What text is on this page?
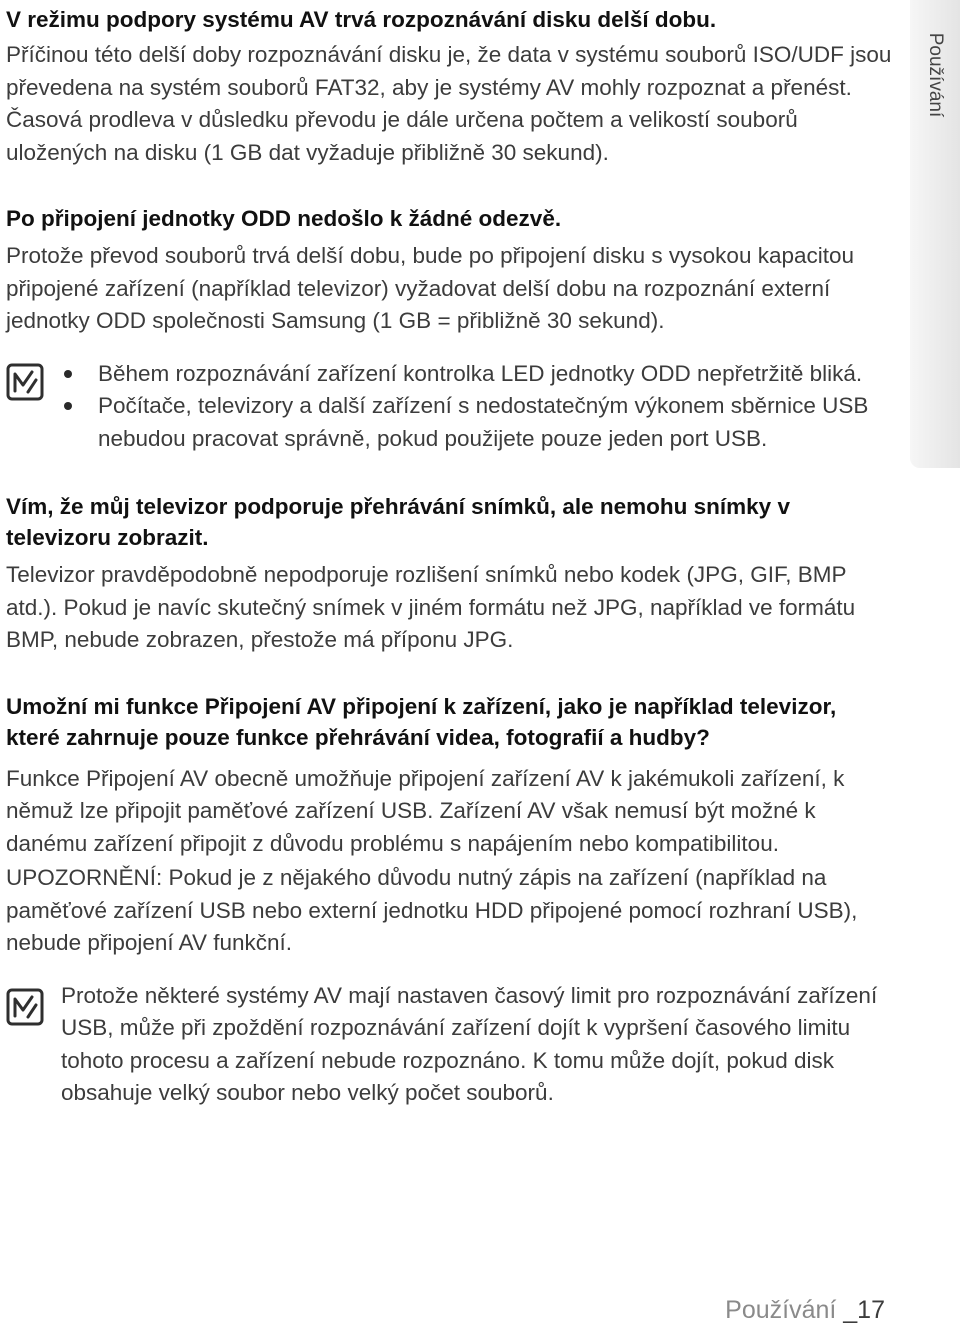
Používání

V režimu podpory systému AV trvá rozpoznávání disku delší dobu.

Příčinou této delší doby rozpoznávání disku je, že data v systému souborů ISO/UDF jsou převedena na systém souborů FAT32, aby je systémy AV mohly rozpoznat a přenést.

Časová prodleva v důsledku převodu je dále určena počtem a velikostí souborů uložených na disku (1 GB dat vyžaduje přibližně 30 sekund).

Po připojení jednotky ODD nedošlo k žádné odezvě.

Protože převod souborů trvá delší dobu, bude po připojení disku s vysokou kapacitou připojené zařízení (například televizor) vyžadovat delší dobu na rozpoznání externí jednotky ODD společnosti Samsung (1 GB = přibližně 30 sekund).

Během rozpoznávání zařízení kontrolka LED jednotky ODD nepřetržitě bliká.
Počítače, televizory a další zařízení s nedostatečným výkonem sběrnice USB nebudou pracovat správně, pokud použijete pouze jeden port USB.

Vím, že můj televizor podporuje přehrávání snímků, ale nemohu snímky v televizoru zobrazit.

Televizor pravděpodobně nepodporuje rozlišení snímků nebo kodek (JPG, GIF, BMP atd.). Pokud je navíc skutečný snímek v jiném formátu než JPG, například ve formátu BMP, nebude zobrazen, přestože má příponu JPG.

Umožní mi funkce Připojení AV připojení k zařízení, jako je například televizor, které zahrnuje pouze funkce přehrávání videa, fotografií a hudby?

Funkce Připojení AV obecně umožňuje připojení zařízení AV k jakémukoli zařízení, k němuž lze připojit paměťové zařízení USB. Zařízení AV však nemusí být možné k danému zařízení připojit z důvodu problému s napájením nebo kompatibilitou.

UPOZORNĚNÍ: Pokud je z nějakého důvodu nutný zápis na zařízení (například na paměťové zařízení USB nebo externí jednotku HDD připojené pomocí rozhraní USB), nebude připojení AV funkční.

Protože některé systémy AV mají nastaven časový limit pro rozpoznávání zařízení USB, může při zpoždění rozpoznávání zařízení dojít k vypršení časového limitu tohoto procesu a zařízení nebude rozpoznáno. K tomu může dojít, pokud disk obsahuje velký soubor nebo velký počet souborů.

Používání _17
